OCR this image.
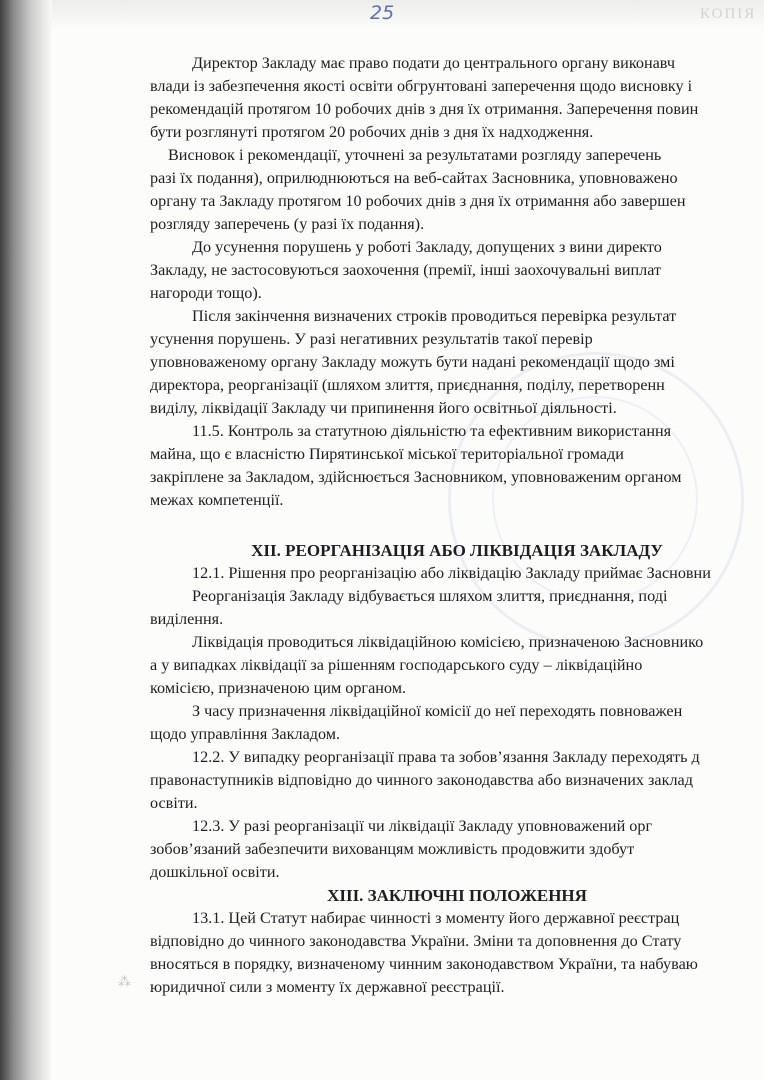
25	КОПІЯ
Директор Закладу має право подати до центрального органу виконавч
влади із забезпечення якості освіти обгрунтовані заперечення щодо висновку і
рекомендацій протягом 10 робочих днів з дня їх отримання. Заперечення повин
бути розглянуті протягом 20 робочих днів з дня їх надходження.
Висновок і рекомендації, уточнені за результатами розгляду заперечень
разі їх подання), оприлюднюються на веб-сайтах Засновника, уповноважено
органу та Закладу протягом 10 робочих днів з дня їх отримання або завершен
розгляду заперечень (у разі їх подання).
До усунення порушень у роботі Закладу, допущених з вини директо
Закладу, не застосовуються заохочення (премії, інші заохочувальні виплат
нагороди тощо).
Після закінчення визначених строків проводиться перевірка результат
усунення порушень. У разі негативних результатів такої перевір
уповноваженому органу Закладу можуть бути надані рекомендації щодо змі
директора, реорганізації (шляхом злиття, приєднання, поділу, перетворенн
виділу, ліквідації Закладу чи припинення його освітньої діяльності.
11.5. Контроль за статутною діяльністю та ефективним використання
майна, що є власністю Пирятинської міської територіальної громади
закріплене за Закладом, здійснюється Засновником, уповноваженим органом
межах компетенції.
XII. РЕОРГАНІЗАЦІЯ АБО ЛІКВІДАЦІЯ ЗАКЛАДУ
12.1. Рішення про реорганізацію або ліквідацію Закладу приймає Засновни
Реорганізація Закладу відбувається шляхом злиття, приєднання, поді
виділення.
Ліквідація проводиться ліквідаційною комісією, призначеною Засновнико
а у випадках ліквідації за рішенням господарського суду – ліквідаційно
комісією, призначеною цим органом.
З часу призначення ліквідаційної комісії до неї переходять повноважен
щодо управління Закладом.
12.2. У випадку реорганізації права та зобов’язання Закладу переходять д
правонаступників відповідно до чинного законодавства або визначених заклад
освіти.
12.3. У разі реорганізації чи ліквідації Закладу уповноважений орг
зобов’язаний забезпечити вихованцям можливість продовжити здобут
дошкільної освіти.
XIII. ЗАКЛЮЧНІ ПОЛОЖЕННЯ
13.1. Цей Статут набирає чинності з моменту його державної реєстрац
відповідно до чинного законодавства України. Зміни та доповнення до Стату
вносяться в порядку, визначеному чинним законодавством України, та набуваю
юридичної сили з моменту їх державної реєстрації.
⁂
